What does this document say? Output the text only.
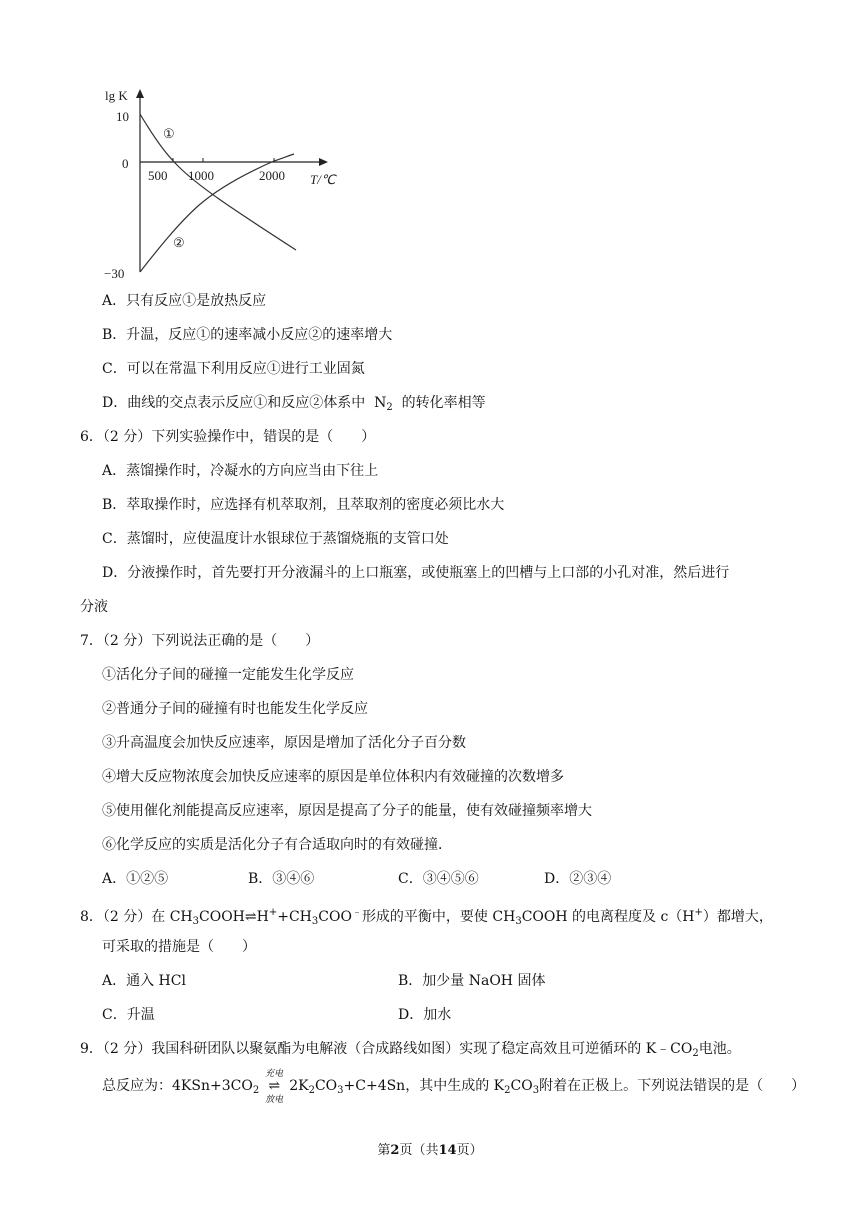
lg K
10
0
−30
500 1000	2000 T/℃
①
②
A．只有反应①是放热反应
B．升温，反应①的速率减小反应②的速率增大
C．可以在常温下利用反应①进行工业固氮
D．曲线的交点表示反应①和反应②体系中 $N_2$ 的转化率相等
6．（2 分）下列实验操作中，错误的是（　　）
A．蒸馏操作时，冷凝水的方向应当由下往上
B．萃取操作时，应选择有机萃取剂，且萃取剂的密度必须比水大
C．蒸馏时，应使温度计水银球位于蒸馏烧瓶的支管口处
D．分液操作时，首先要打开分液漏斗的上口瓶塞，或使瓶塞上的凹槽与上口部的小孔对准，然后进行
分液
7．（2 分）下列说法正确的是（　　）
①活化分子间的碰撞一定能发生化学反应
②普通分子间的碰撞有时也能发生化学反应
③升高温度会加快反应速率，原因是增加了活化分子百分数
④增大反应物浓度会加快反应速率的原因是单位体积内有效碰撞的次数增多
⑤使用催化剂能提高反应速率，原因是提高了分子的能量，使有效碰撞频率增大
⑥化学反应的实质是活化分子有合适取向时的有效碰撞．
A．①②⑤	B．③④⑥	C．③④⑤⑥	D．②③④
8．（2 分）在 $CH_3COOH\rightleftharpoons H^++CH_3COO^﹣$形成的平衡中，要使 $CH_3COOH$ 的电离程度及 c（H+）都增大，
可采取的措施是（　　）
A．通入 HCl	B．加少量 NaOH 固体
C．升温	D．加水
9．（2 分）我国科研团队以聚氨酯为电解液（合成路线如图）实现了稳定高效且可逆循环的 $K﹣CO_2$电池。
总反应为：$4KSn+3CO_2$
充电
⇌
放电
$2K_2CO_3+C+4Sn$，其中生成的 $K_2CO_3$附着在正极上。下列说法错误的是（　　）
第2页（共14页）
